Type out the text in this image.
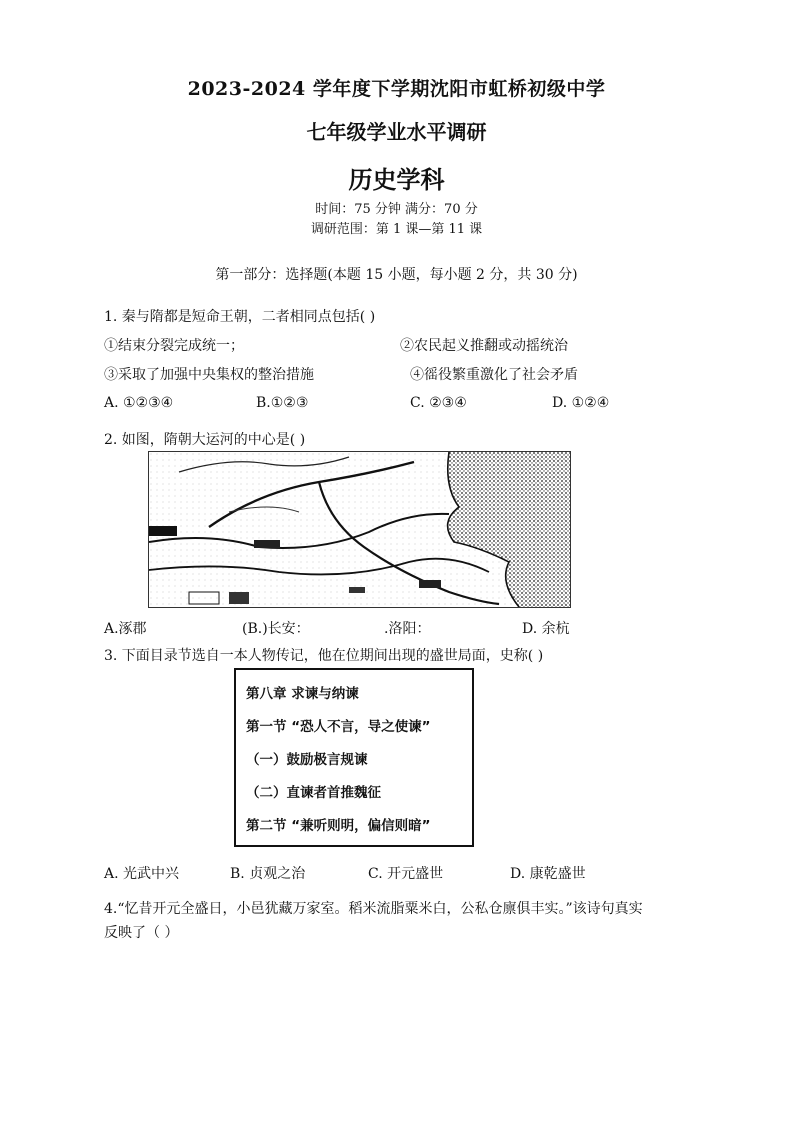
2023-2024 学年度下学期沈阳市虹桥初级中学
七年级学业水平调研
历史学科
时间：75 分钟 满分：70 分
调研范围：第 1 课—第 11 课
第一部分：选择题(本题 15 小题，每小题 2 分，共 30 分)
1. 秦与隋都是短命王朝，二者相同点包括( )
①结束分裂完成统一；	②农民起义推翻或动摇统治
③采取了加强中央集权的整治措施	④徭役繁重激化了社会矛盾
A. ①②③④	B.①②③	C. ②③④	D. ①②④
2. 如图，隋朝大运河的中心是( )
A.涿郡	(B.)长安：	.洛阳：	D. 余杭
3. 下面目录节选自一本人物传记，他在位期间出现的盛世局面，史称( )
第八章 求谏与纳谏
第一节 “恐人不言，导之使谏”
（一）鼓励极言规谏
（二）直谏者首推魏征
第二节 “兼听则明，偏信则暗”
A. 光武中兴	B. 贞观之治	C. 开元盛世	D. 康乾盛世
4.“忆昔开元全盛日，小邑犹藏万家室。稻米流脂粟米白，公私仓廪俱丰实。”该诗句真实
反映了（ ）
